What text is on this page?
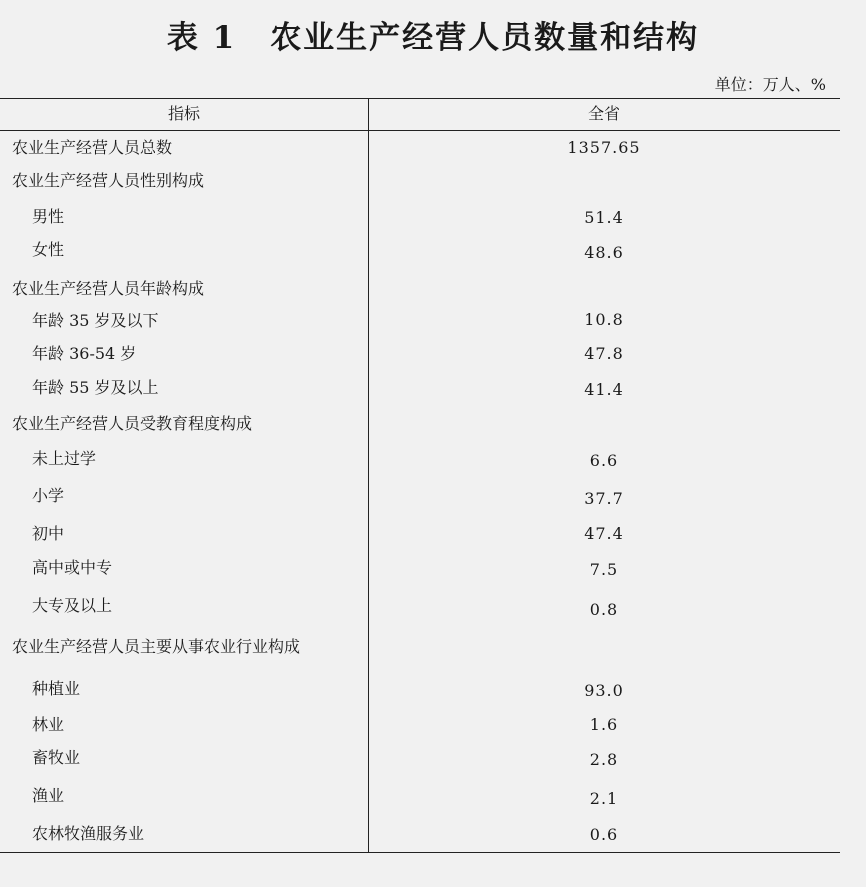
表 1 农业生产经营人员数量和结构
单位：万人、%
指标	全省
农业生产经营人员总数	1357.65
农业生产经营人员性别构成
男性	51.4
女性	48.6
农业生产经营人员年龄构成
年龄 35 岁及以下	10.8
年龄 36-54 岁	47.8
年龄 55 岁及以上	41.4
农业生产经营人员受教育程度构成
未上过学	6.6
小学	37.7
初中	47.4
高中或中专	7.5
大专及以上	0.8
农业生产经营人员主要从事农业行业构成
种植业	93.0
林业	1.6
畜牧业	2.8
渔业	2.1
农林牧渔服务业	0.6
